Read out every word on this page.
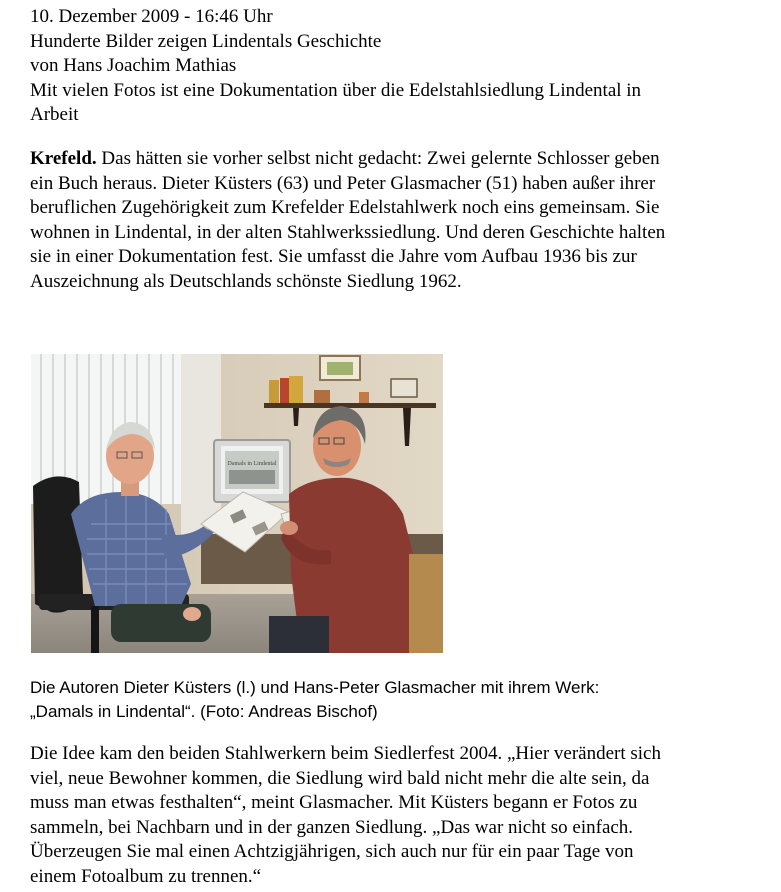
10. Dezember 2009 - 16:46 Uhr
Hunderte Bilder zeigen Lindentals Geschichte
von Hans Joachim Mathias
Mit vielen Fotos ist eine Dokumentation über die Edelstahlsiedlung Lindental in
Arbeit

Krefeld. Das hätten sie vorher selbst nicht gedacht: Zwei gelernte Schlosser geben
ein Buch heraus. Dieter Küsters (63) und Peter Glasmacher (51) haben außer ihrer
beruflichen Zugehörigkeit zum Krefelder Edelstahlwerk noch eins gemeinsam. Sie
wohnen in Lindental, in der alten Stahlwerkssiedlung. Und deren Geschichte halten
sie in einer Dokumentation fest. Sie umfasst die Jahre vom Aufbau 1936 bis zur
Auszeichnung als Deutschlands schönste Siedlung 1962.

Damals in Lindental
Die Autoren Dieter Küsters (l.) und Hans-Peter Glasmacher mit ihrem Werk:
„Damals in Lindental“. (Foto: Andreas Bischof)

Die Idee kam den beiden Stahlwerkern beim Siedlerfest 2004. „Hier verändert sich
viel, neue Bewohner kommen, die Siedlung wird bald nicht mehr die alte sein, da
muss man etwas festhalten“, meint Glasmacher. Mit Küsters begann er Fotos zu
sammeln, bei Nachbarn und in der ganzen Siedlung. „Das war nicht so einfach.
Überzeugen Sie mal einen Achtzigjährigen, sich auch nur für ein paar Tage von
einem Fotoalbum zu trennen.“
